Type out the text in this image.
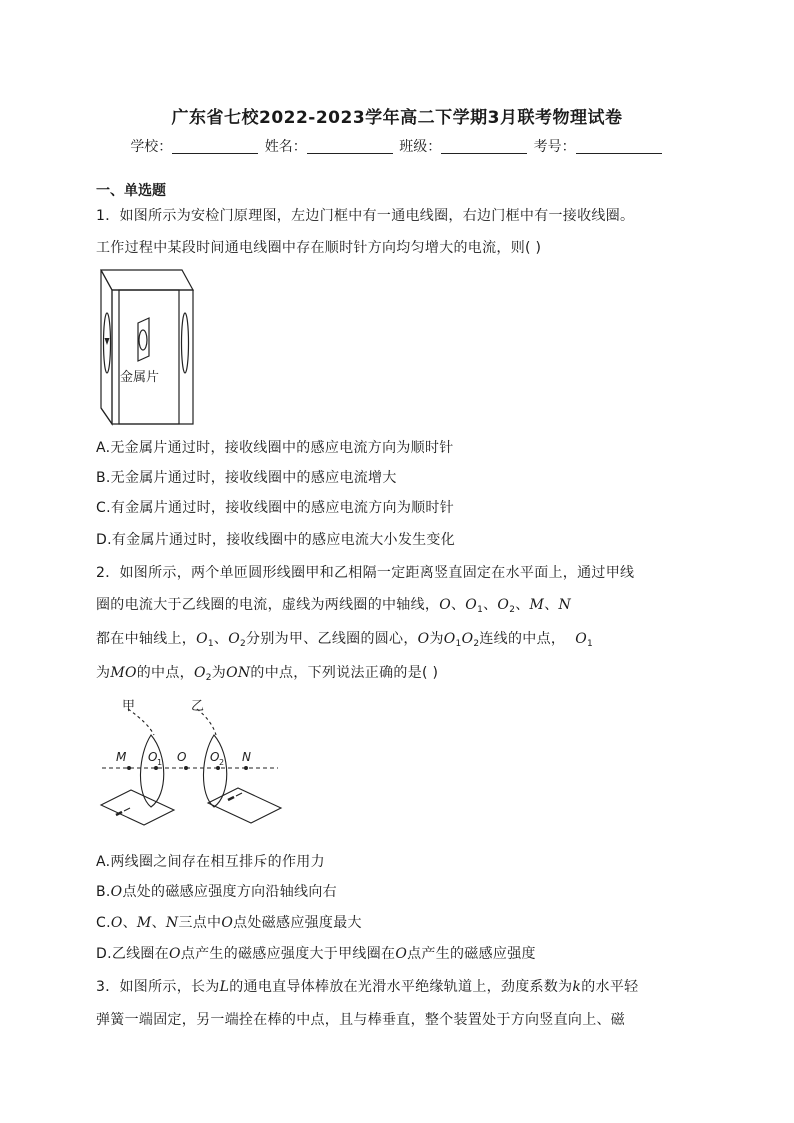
广东省七校2022-2023学年高二下学期3月联考物理试卷
学校：	姓名：	班级：	考号：
一、单选题
1．如图所示为安检门原理图，左边门框中有一通电线圈，右边门框中有一接收线圈。
工作过程中某段时间通电线圈中存在顺时针方向均匀增大的电流，则( )
金属片
A.无金属片通过时，接收线圈中的感应电流方向为顺时针
B.无金属片通过时，接收线圈中的感应电流增大
C.有金属片通过时，接收线圈中的感应电流方向为顺时针
D.有金属片通过时，接收线圈中的感应电流大小发生变化
2．如图所示，两个单匝圆形线圈甲和乙相隔一定距离竖直固定在水平面上，通过甲线
圈的电流大于乙线圈的电流，虚线为两线圈的中轴线，O、$O_1$、$O_2$、M、N
都在中轴线上，$O_1$、$O_2$分别为甲、乙线圈的圆心，O为$O_1O_2$连线的中点， $O_1$
为MO的中点，$O_2$为ON的中点，下列说法正确的是( )
甲	乙
M O O O N
1	2
A.两线圈之间存在相互排斥的作用力
B.O点处的磁感应强度方向沿轴线向右
C.O、M、N三点中O点处磁感应强度最大
D.乙线圈在O点产生的磁感应强度大于甲线圈在O点产生的磁感应强度
3．如图所示，长为L的通电直导体棒放在光滑水平绝缘轨道上，劲度系数为k的水平轻
弹簧一端固定，另一端拴在棒的中点，且与棒垂直，整个装置处于方向竖直向上、磁
